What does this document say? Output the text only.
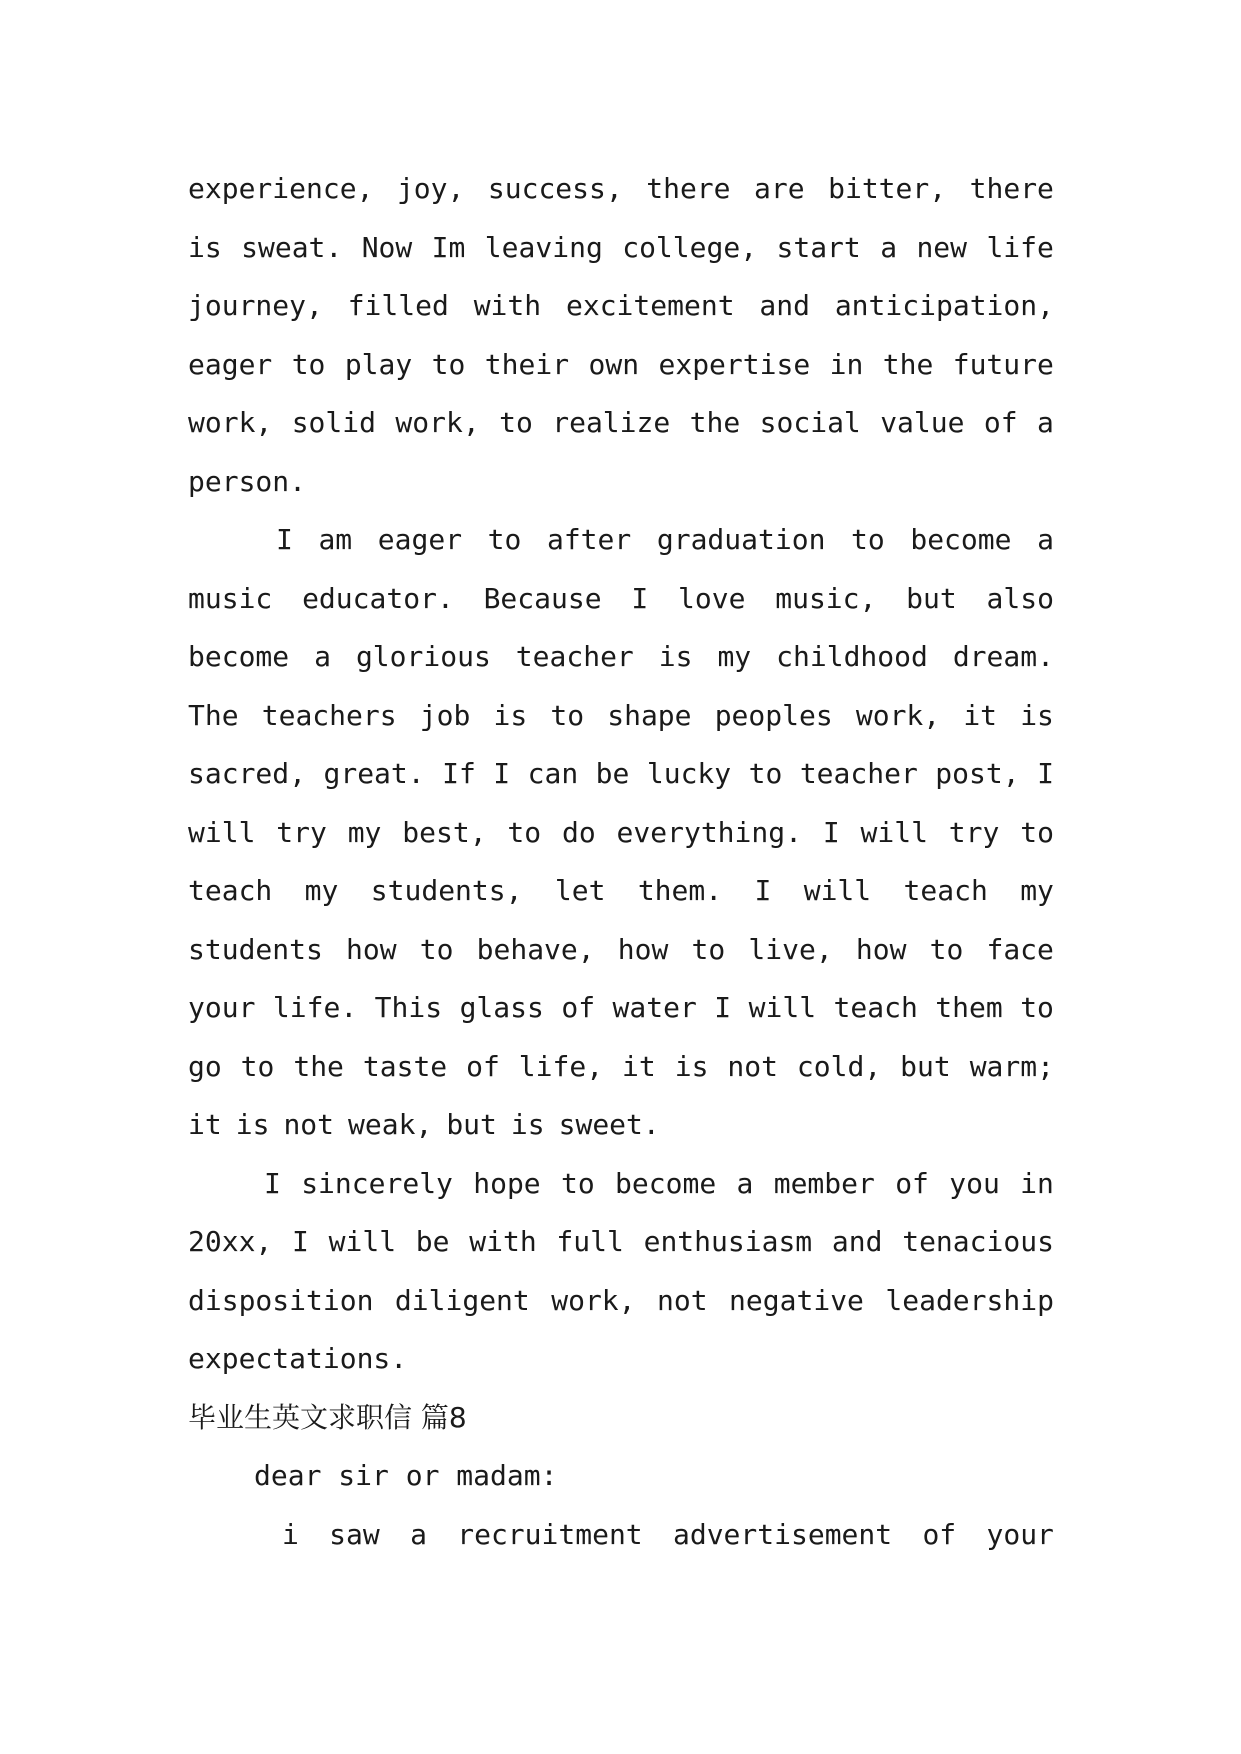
experience, joy, success, there are bitter, there
is sweat. Now Im leaving college, start a new life
journey, filled with excitement and anticipation,
eager to play to their own expertise in the future
work, solid work, to realize the social value of a
person.
I am eager to after graduation to become a
music educator. Because I love music, but also
become a glorious teacher is my childhood dream.
The teachers job is to shape peoples work, it is
sacred, great. If I can be lucky to teacher post, I
will try my best, to do everything. I will try to
teach my students, let them. I will teach my
students how to behave, how to live, how to face
your life. This glass of water I will teach them to
go to the taste of life, it is not cold, but warm;
it is not weak, but is sweet.
I sincerely hope to become a member of you in
20xx, I will be with full enthusiasm and tenacious
disposition diligent work, not negative leadership
expectations.
毕业生英文求职信 篇8
dear sir or madam:
i saw a recruitment advertisement of your
